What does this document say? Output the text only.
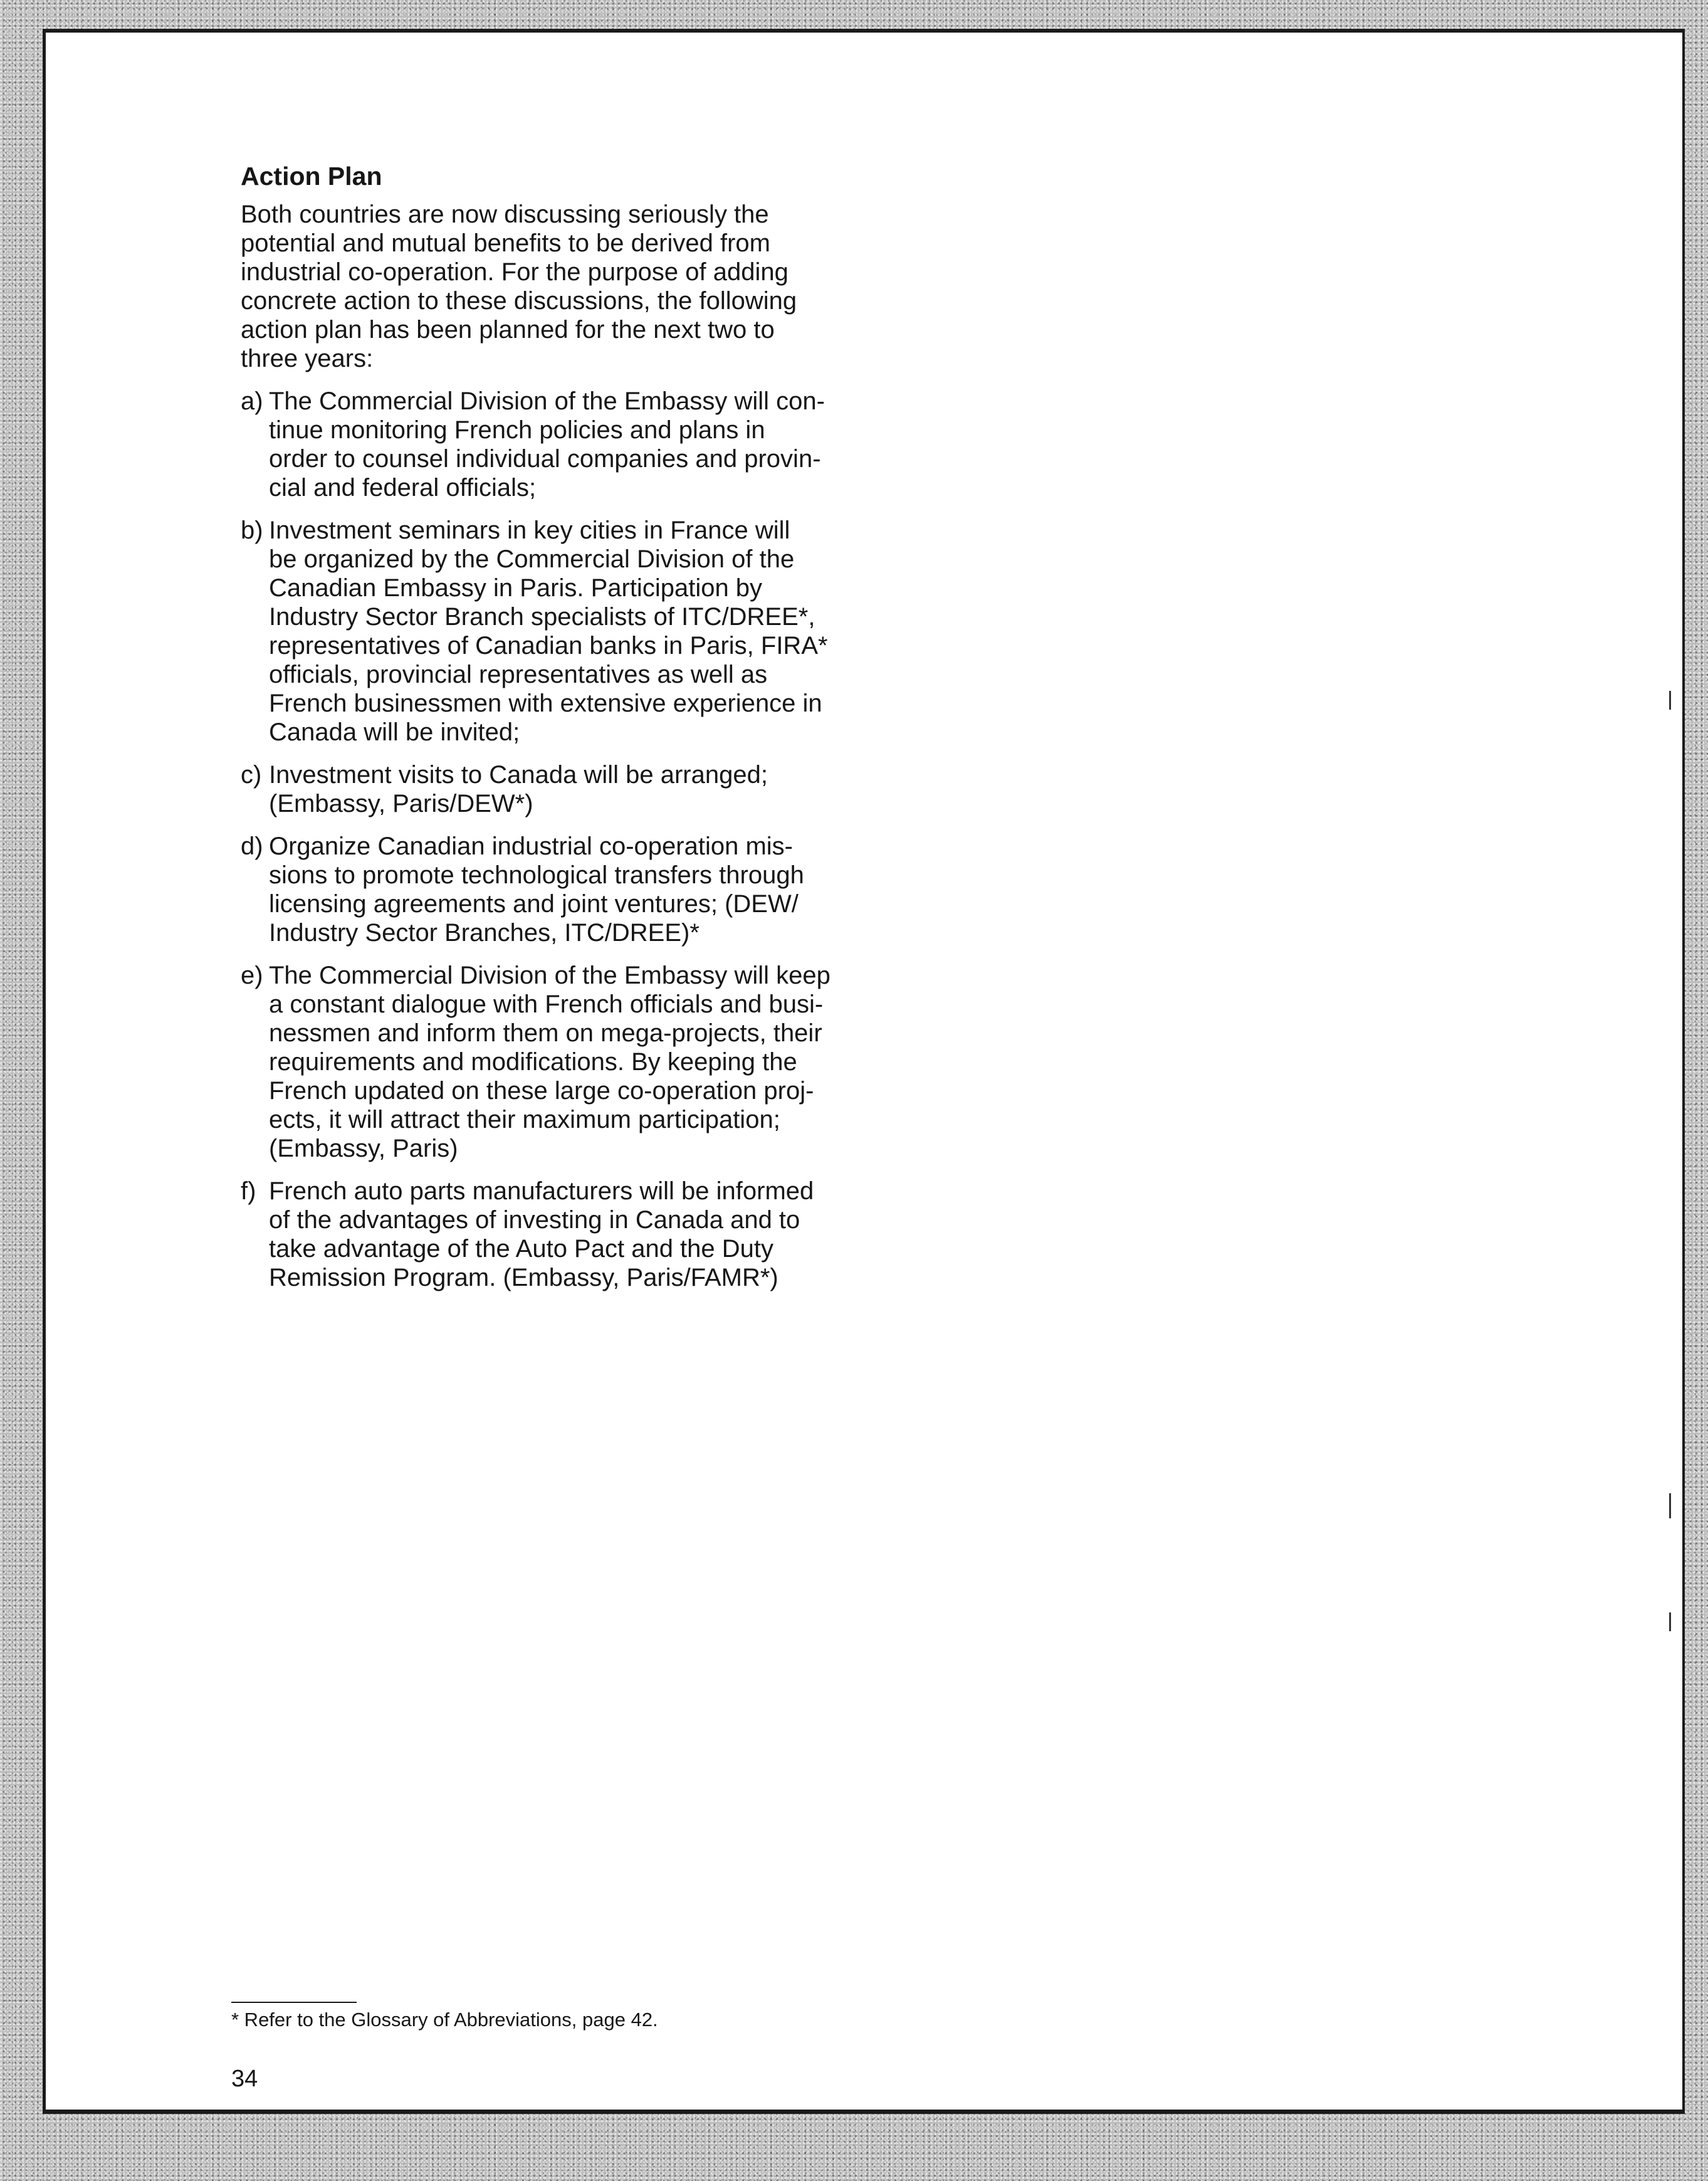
Action Plan
Both countries are now discussing seriously the
potential and mutual benefits to be derived from
industrial co-operation. For the purpose of adding
concrete action to these discussions, the following
action plan has been planned for the next two to
three years:
a) The Commercial Division of the Embassy will con-
tinue monitoring French policies and plans in
order to counsel individual companies and provin-
cial and federal officials;
b) Investment seminars in key cities in France will
be organized by the Commercial Division of the
Canadian Embassy in Paris. Participation by
Industry Sector Branch specialists of ITC/DREE*,
representatives of Canadian banks in Paris, FIRA*
officials, provincial representatives as well as
French businessmen with extensive experience in
Canada will be invited;
c) Investment visits to Canada will be arranged;
(Embassy, Paris/DEW*)
d) Organize Canadian industrial co-operation mis-
sions to promote technological transfers through
licensing agreements and joint ventures; (DEW/
Industry Sector Branches, ITC/DREE)*
e) The Commercial Division of the Embassy will keep
a constant dialogue with French officials and busi-
nessmen and inform them on mega-projects, their
requirements and modifications. By keeping the
French updated on these large co-operation proj-
ects, it will attract their maximum participation;
(Embassy, Paris)
f) French auto parts manufacturers will be informed
of the advantages of investing in Canada and to
take advantage of the Auto Pact and the Duty
Remission Program. (Embassy, Paris/FAMR*)
* Refer to the Glossary of Abbreviations, page 42.
34
